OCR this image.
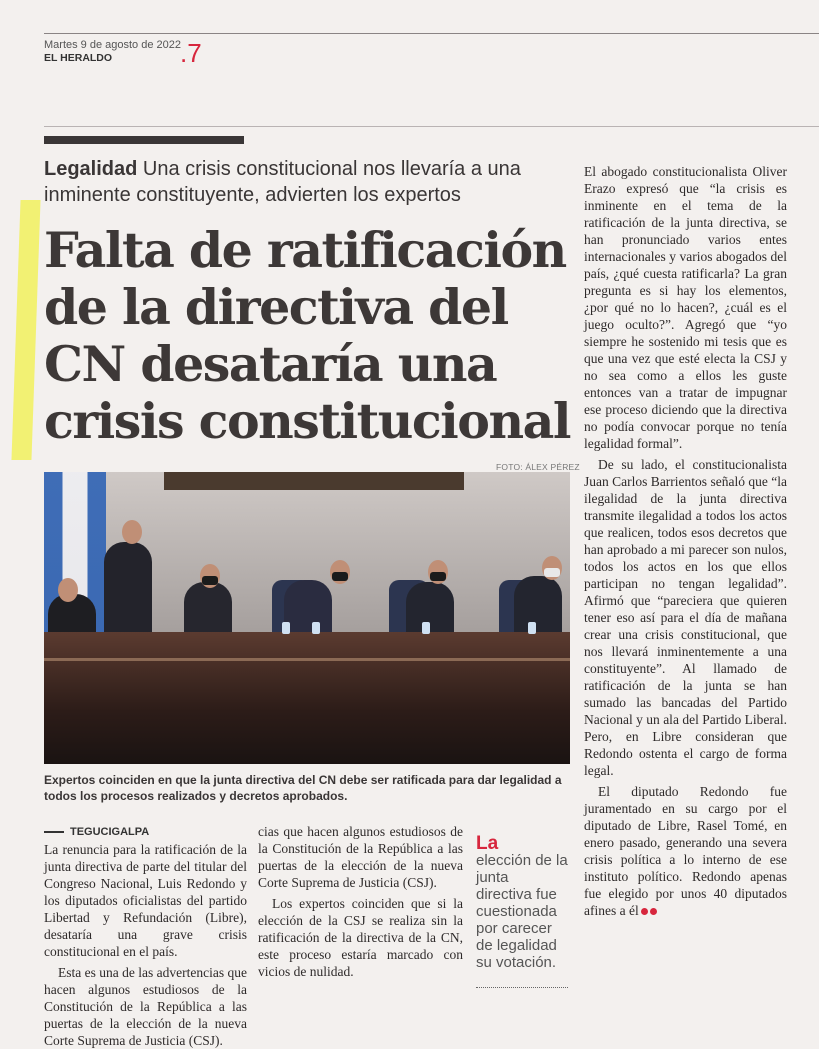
Martes 9 de agosto de 2022
EL HERALDO	.7
Legalidad Una crisis constitucional nos llevaría a una inminente constituyente, advierten los expertos
Falta de ratificación de la directiva del CN desataría una crisis constitucional
FOTO: ÁLEX PÉREZ
Expertos coinciden en que la junta directiva del CN debe ser ratificada para dar legalidad a todos los procesos realizados y decretos aprobados.
TEGUCIGALPA

La renuncia para la ratificación de la junta directiva de parte del titular del Congreso Nacional, Luis Redondo y los diputados oficialistas del partido Libertad y Refundación (Libre), desataría una grave crisis constitucional en el país.

Esta es una de las advertencias que hacen algunos estudiosos de la Constitución de la República a las puertas de la elección de la nueva Corte Suprema de Justicia (CSJ).

cias que hacen algunos estudiosos de la Constitución de la República a las puertas de la elección de la nueva Corte Suprema de Justicia (CSJ).

Los expertos coinciden que si la elección de la CSJ se realiza sin la ratificación de la directiva de la CN, este proceso estaría marcado con vicios de nulidad.

La
elección de la junta directiva fue cuestionada por carecer de legalidad su votación.

El abogado constitucionalista Oliver Erazo expresó que “la crisis es inminente en el tema de la ratificación de la junta directiva, se han pronunciado varios entes internacionales y varios abogados del país, ¿qué cuesta ratificarla? La gran pregunta es si hay los elementos, ¿por qué no lo hacen?, ¿cuál es el juego oculto?”. Agregó que “yo siempre he sostenido mi tesis que es que una vez que esté electa la CSJ y no sea como a ellos les guste entonces van a tratar de impugnar ese proceso diciendo que la directiva no podía convocar porque no tenía legalidad formal”.

De su lado, el constitucionalista Juan Carlos Barrientos señaló que “la ilegalidad de la junta directiva transmite ilegalidad a todos los actos que realicen, todos esos decretos que han aprobado a mi parecer son nulos, todos los actos en los que ellos participan no tengan legalidad”. Afirmó que “pareciera que quieren tener eso así para el día de mañana crear una crisis constitucional, que nos llevará inminentemente a una constituyente”. Al llamado de ratificación de la junta se han sumado las bancadas del Partido Nacional y un ala del Partido Liberal. Pero, en Libre consideran que Redondo ostenta el cargo de forma legal.

El diputado Redondo fue juramentado en su cargo por el diputado de Libre, Rasel Tomé, en enero pasado, generando una severa crisis política a lo interno de ese instituto político. Redondo apenas fue elegido por unos 40 diputados afines a él
